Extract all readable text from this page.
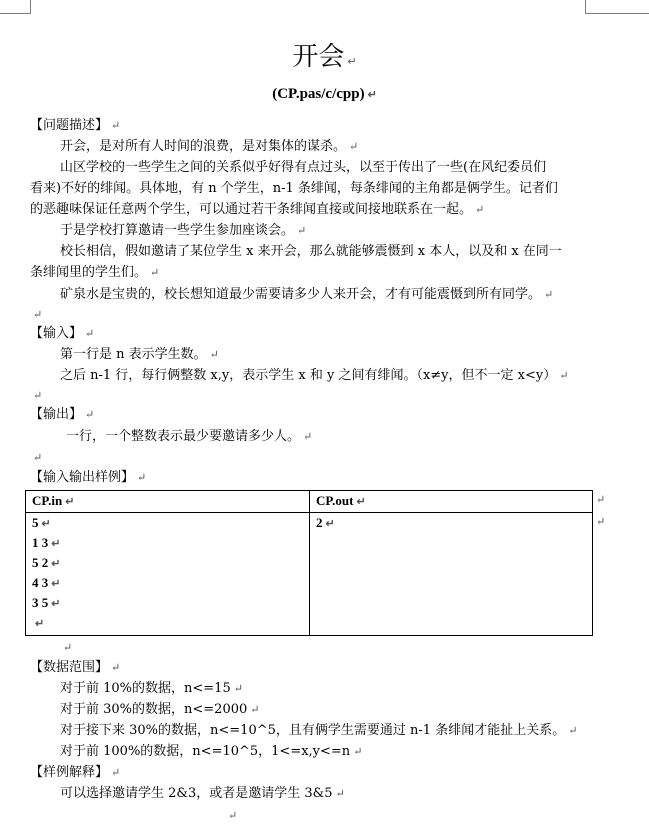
开会 ↵
(CP.pas/c/cpp) ↵
【问题描述】 ↵
开会，是对所有人时间的浪费，是对集体的谋杀。 ↵
山区学校的一些学生之间的关系似乎好得有点过头，以至于传出了一些(在风纪委员们
看来)不好的绯闻。具体地，有 n 个学生，n-1 条绯闻，每条绯闻的主角都是俩学生。记者们
的恶趣味保证任意两个学生，可以通过若干条绯闻直接或间接地联系在一起。 ↵
于是学校打算邀请一些学生参加座谈会。 ↵
校长相信，假如邀请了某位学生 x 来开会，那么就能够震慑到 x 本人，以及和 x 在同一
条绯闻里的学生们。 ↵
矿泉水是宝贵的，校长想知道最少需要请多少人来开会，才有可能震慑到所有同学。 ↵
↵
【输入】 ↵
第一行是 n 表示学生数。 ↵
之后 n-1 行，每行俩整数 x,y，表示学生 x 和 y 之间有绯闻。（x≠y，但不一定 x<y） ↵
↵
【输出】 ↵
一行，一个整数表示最少要邀请多少人。 ↵
↵
【输入输出样例】 ↵
CP.in ↵	CP.out ↵
5 ↵
1 3 ↵
5 2 ↵
4 3 ↵
3 5 ↵
↵
2 ↵
↵
↵
↵
【数据范围】 ↵
对于前 10%的数据，n<=15 ↵
对于前 30%的数据，n<=2000 ↵
对于接下来 30%的数据，n<=10^5，且有俩学生需要通过 n-1 条绯闻才能扯上关系。 ↵
对于前 100%的数据，n<=10^5，1<=x,y<=n ↵
【样例解释】 ↵
可以选择邀请学生 2&3，或者是邀请学生 3&5 ↵
↵
